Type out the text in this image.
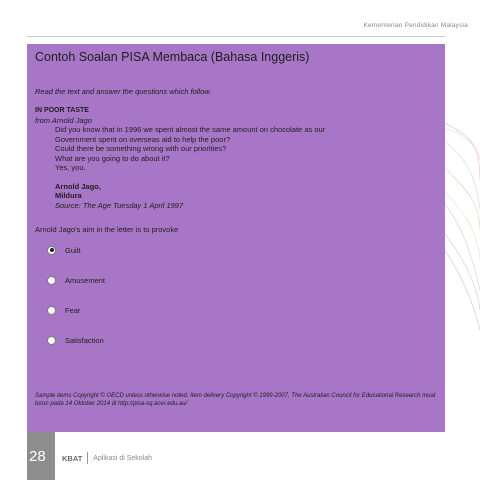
Kementerian Pendidikan Malaysia
Contoh Soalan PISA Membaca (Bahasa Inggeris)
Read the text and answer the questions which follow.
IN POOR TASTE
from Arnold Jago
Did you know that in 1996 we spent almost the same amount on chocolate as our
Government spent on overseas aid to help the poor?
Could there be something wrong with our priorities?
What are you going to do about it?
Yes, you.
Arnold Jago,
Mildura
Source: The Age Tuesday 1 April 1997
Arnold Jago’s aim in the letter is to provoke
Guilt
Amusement
Fear
Satisfaction
Sample items Copyright © OECD unless otherwise noted. Item delivery Copyright © 1999-2007, The Australian Council for Educational Research muat turun pada 14 Oktober 2014 di http://pisa-sq.acer.edu.au/
28 KBAT Aplikasi di Sekolah
